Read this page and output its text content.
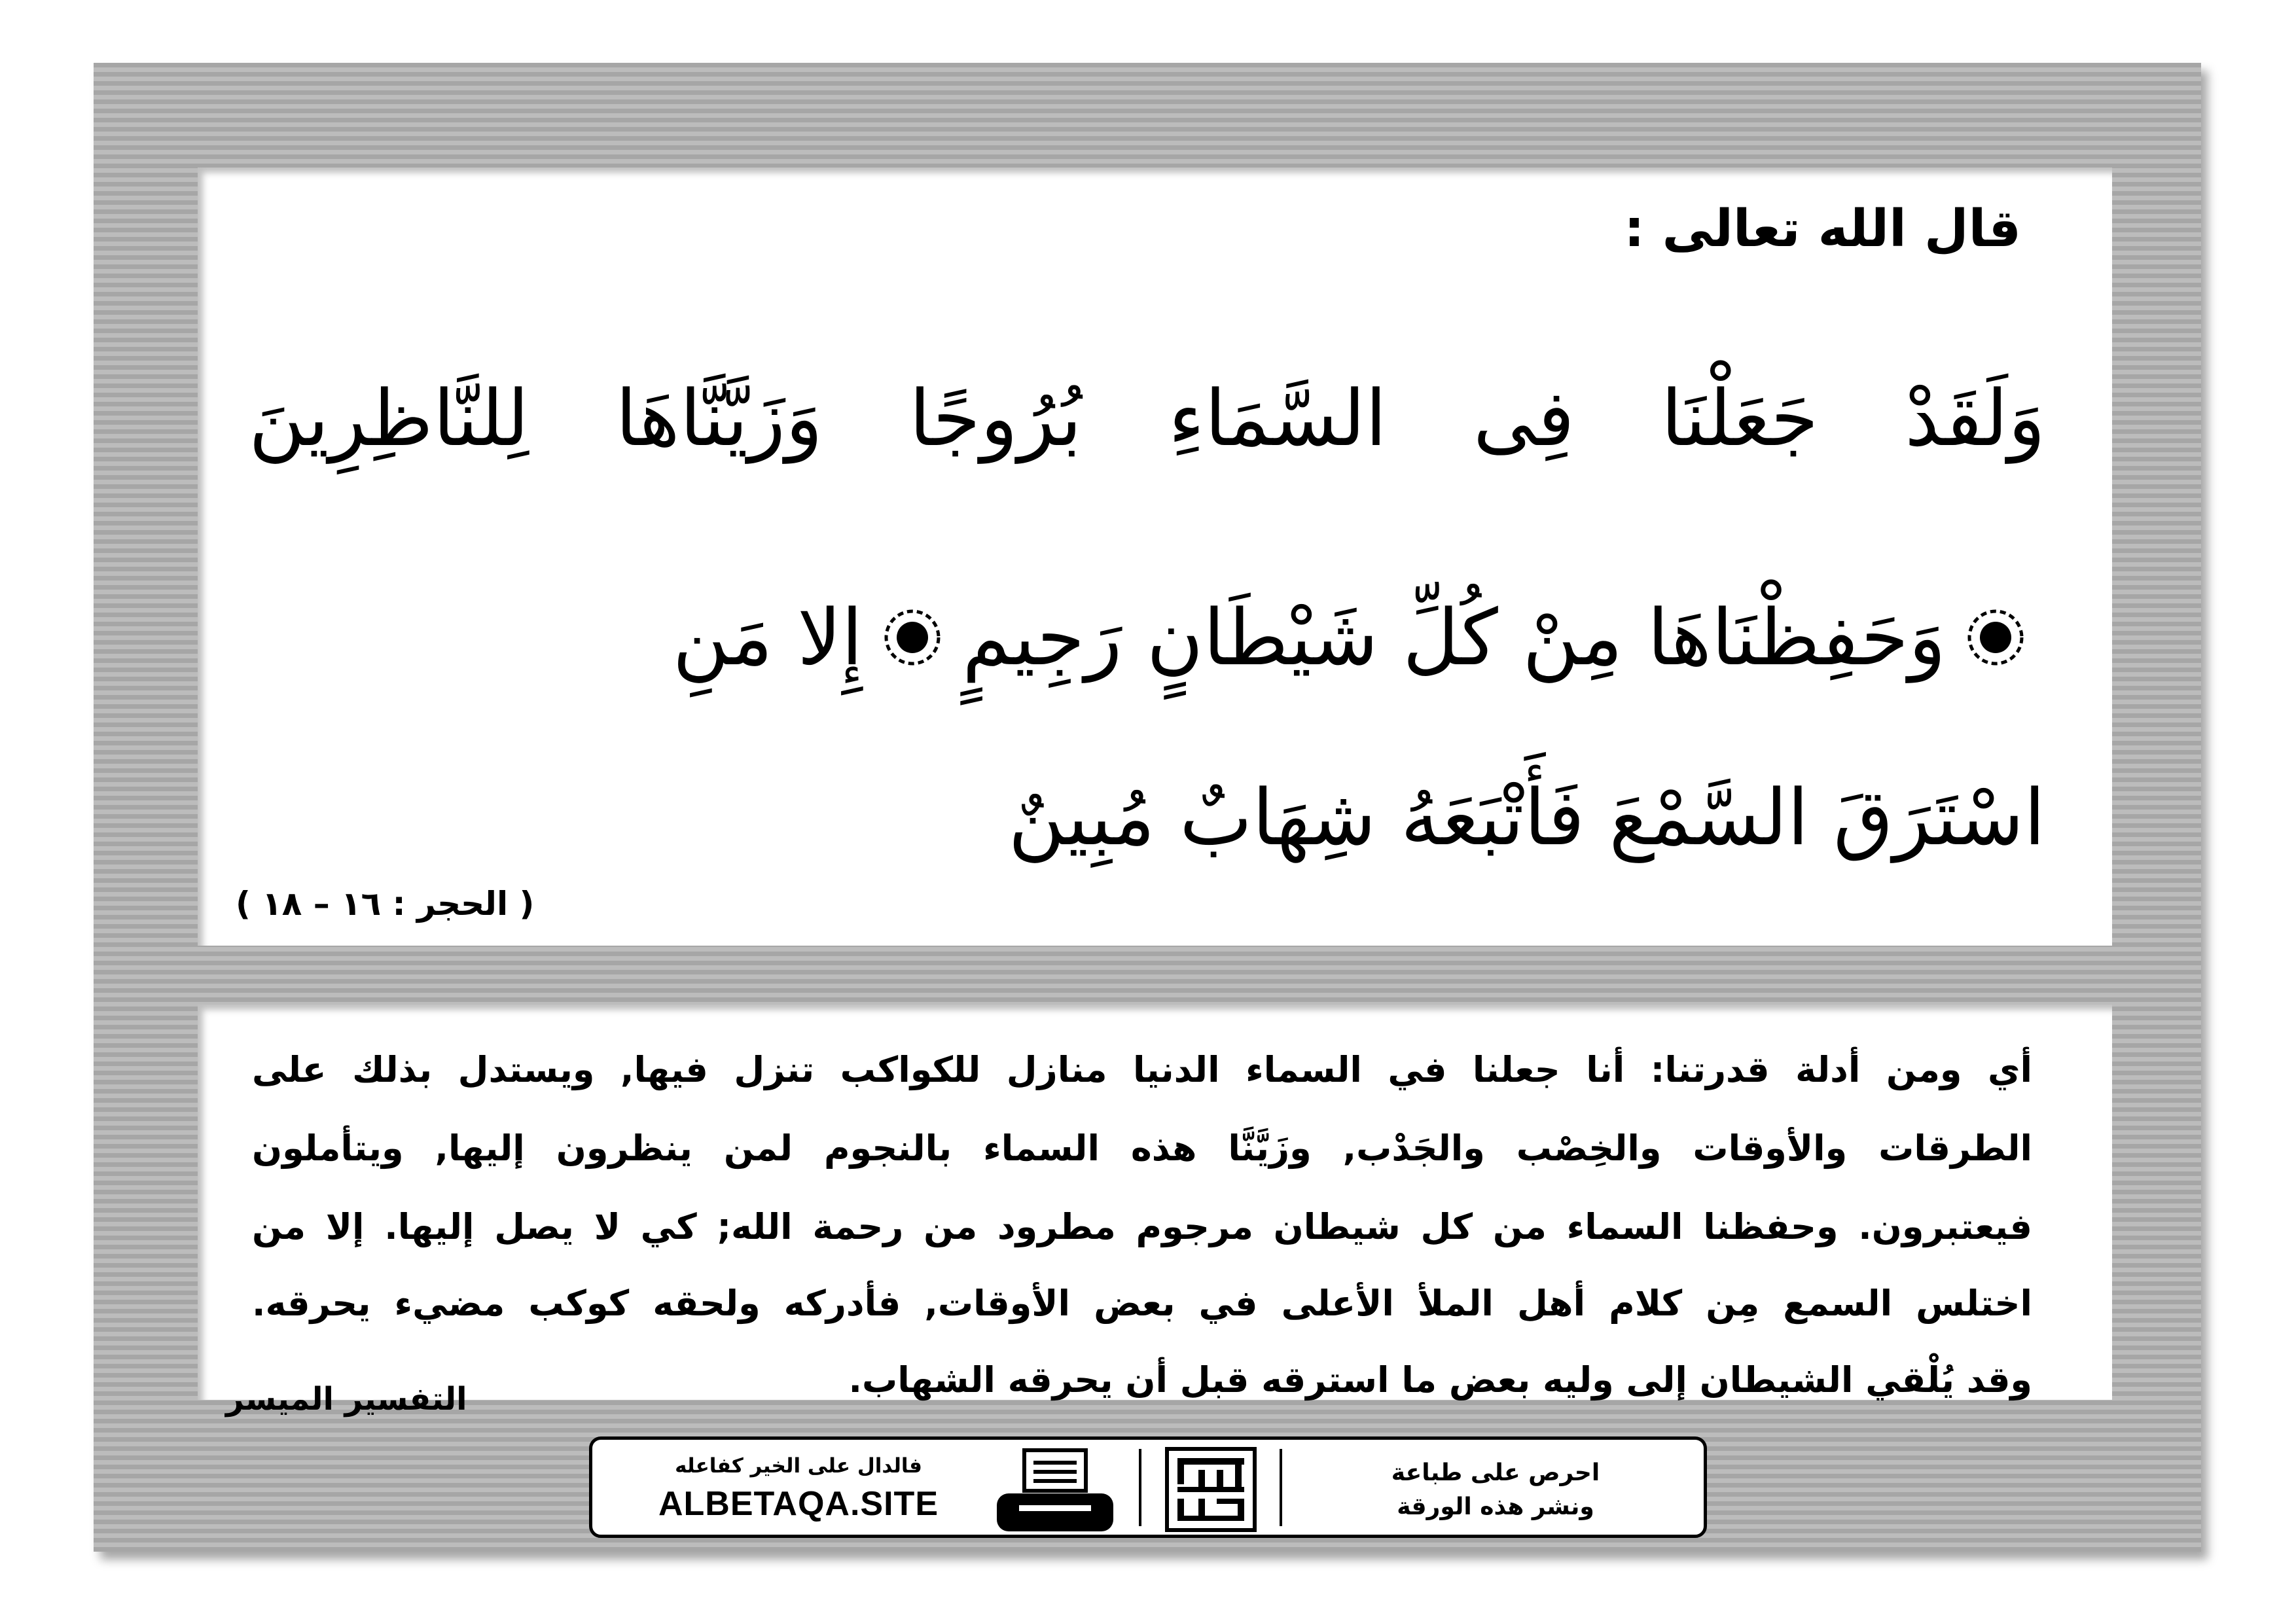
قال الله تعالى :

وَلَقَدْ جَعَلْنَا فِى السَّمَاءِ بُرُوجًا وَزَيَّنَّاهَا لِلنَّاظِرِينَ

وَحَفِظْنَاهَا مِنْ كُلِّ شَيْطَانٍ رَجِيمٍ
إِلا مَنِ

اسْتَرَقَ السَّمْعَ فَأَتْبَعَهُ شِهَابٌ مُبِينٌ

( الحجر : ١٦ – ١٨ )

أي ومن أدلة قدرتنا: أنا جعلنا في السماء الدنيا منازل للكواكب تنزل فيها, ويستدل بذلك على

الطرقات والأوقات والخِصْب والجَدْب, وزَيَّنَّا هذه السماء بالنجوم لمن ينظرون إليها, ويتأملون

فيعتبرون. وحفظنا السماء من كل شيطان مرجوم مطرود من رحمة الله; كي لا يصل إليها. إلا من

اختلس السمع مِن كلام أهل الملأ الأعلى في بعض الأوقات, فأدركه ولحقه كوكب مضيء يحرقه.

وقد يُلْقي الشيطان إلى وليه بعض ما استرقه قبل أن يحرقه الشهاب.

التفسير الميسر

فالدال على الخير كفاعله

ALBETAQA.SITE

احرص على طباعة
ونشر هذه الورقة
